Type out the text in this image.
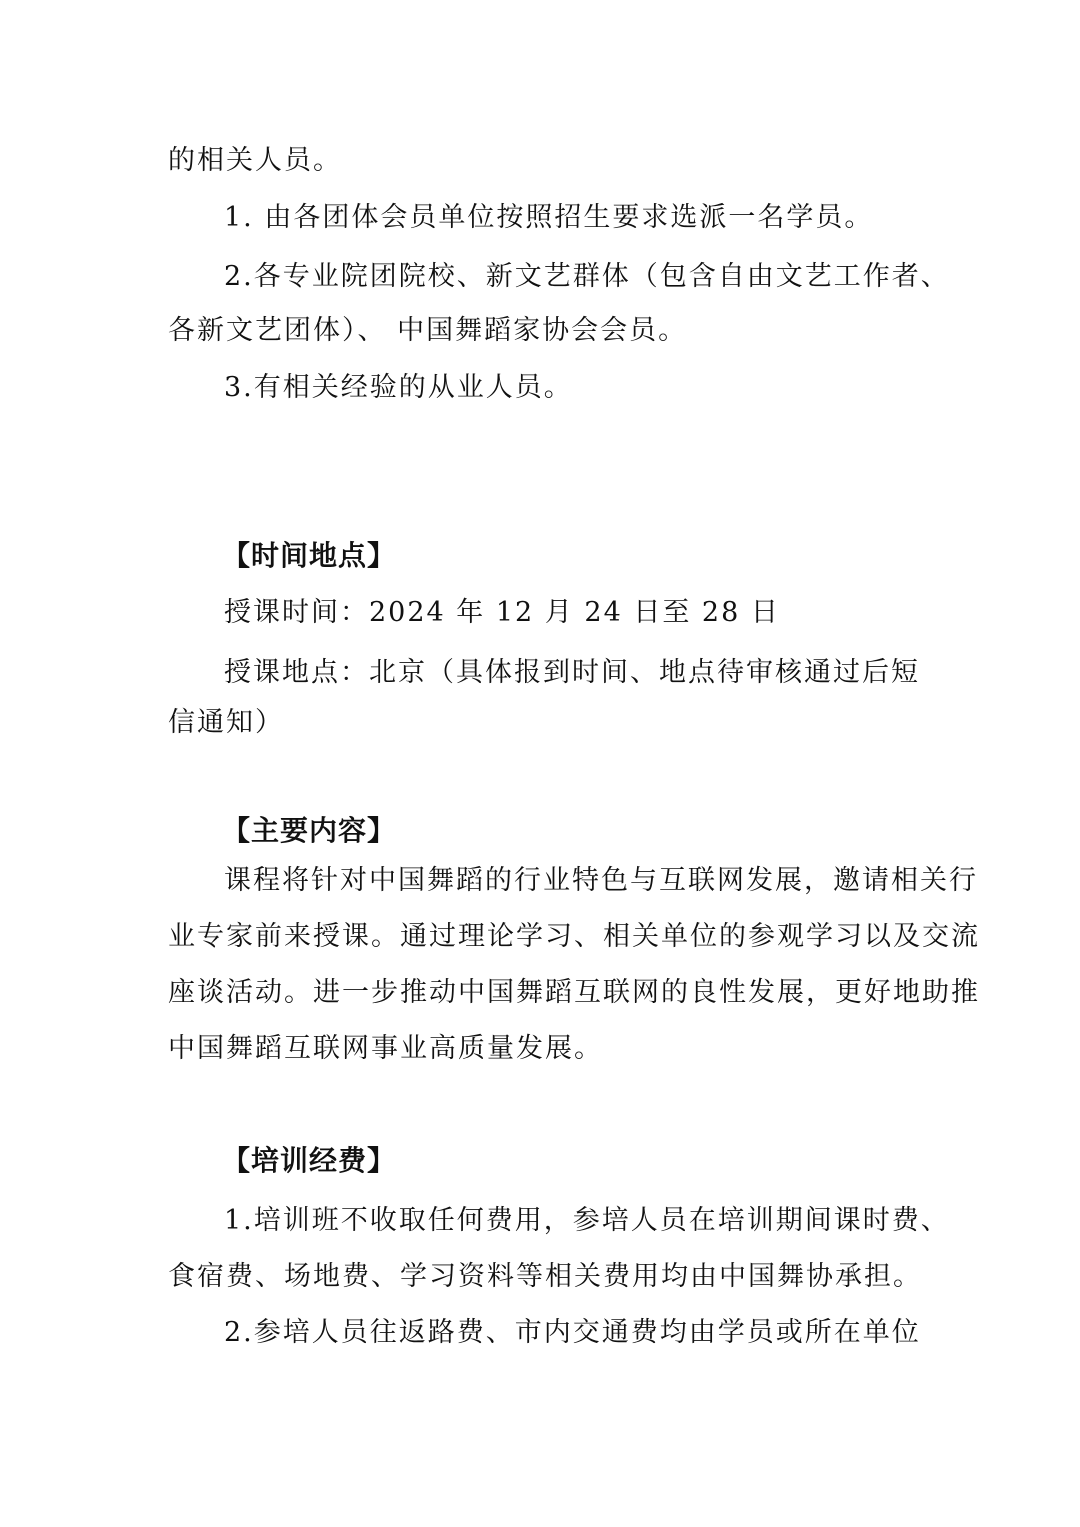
的相关人员。
1. 由各团体会员单位按照招生要求选派一名学员。
2.各专业院团院校、新文艺群体（包含自由文艺工作者、
各新文艺团体）、 中国舞蹈家协会会员。
3.有相关经验的从业人员。
【时间地点】
授课时间：2024 年 12 月 24 日至 28 日
授课地点：北京（具体报到时间、地点待审核通过后短
信通知）
【主要内容】
课程将针对中国舞蹈的行业特色与互联网发展，邀请相关行
业专家前来授课。通过理论学习、相关单位的参观学习以及交流
座谈活动。进一步推动中国舞蹈互联网的良性发展，更好地助推
中国舞蹈互联网事业高质量发展。
【培训经费】
1.培训班不收取任何费用，参培人员在培训期间课时费、
食宿费、场地费、学习资料等相关费用均由中国舞协承担。
2.参培人员往返路费、市内交通费均由学员或所在单位
